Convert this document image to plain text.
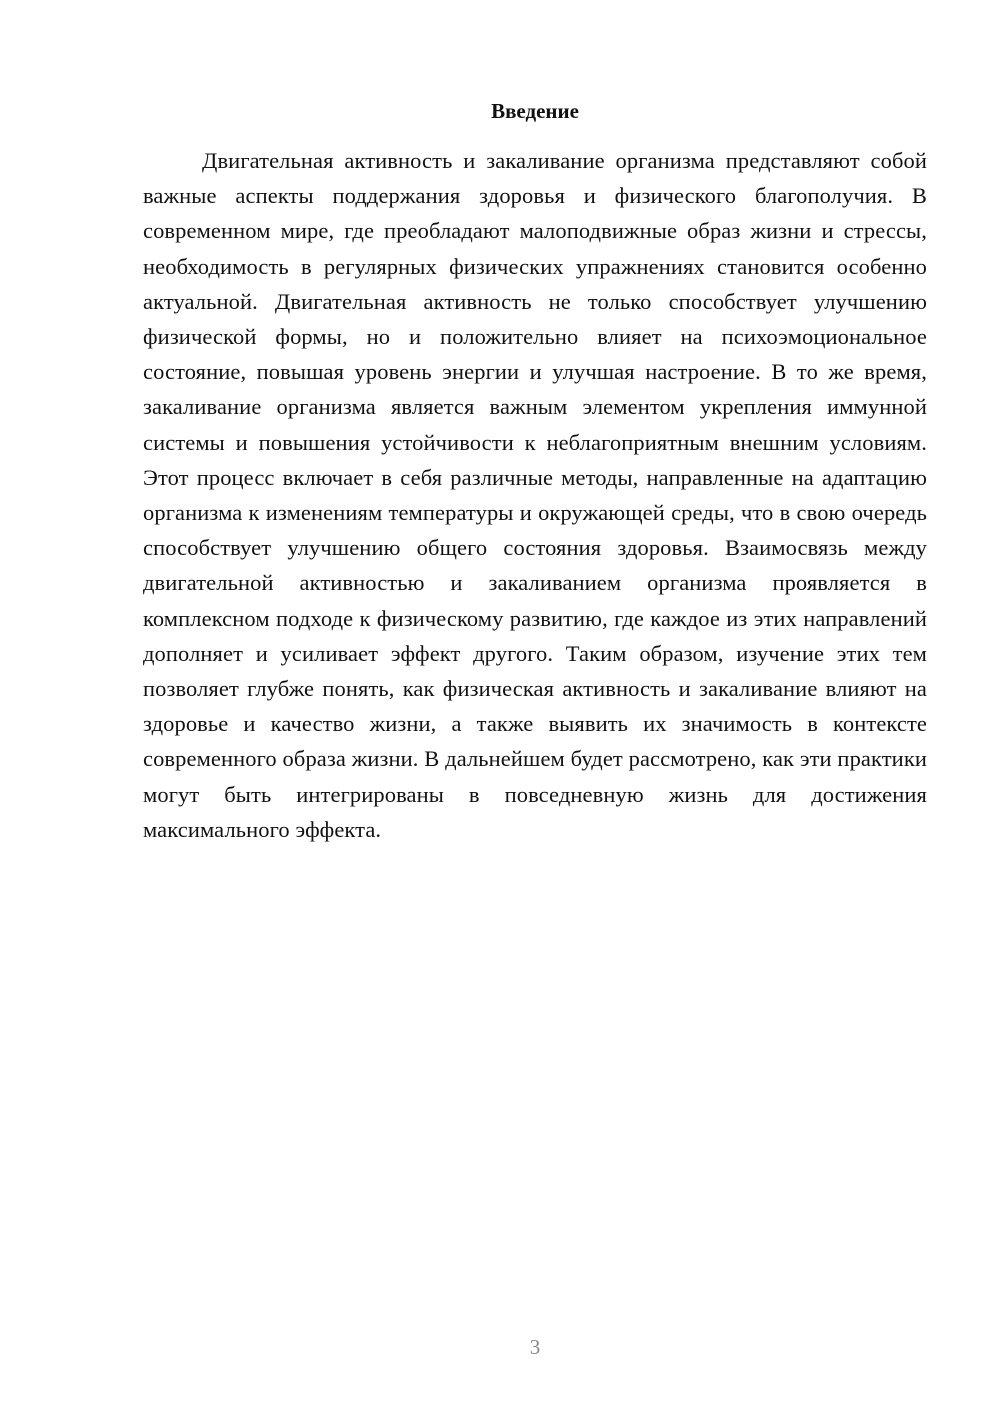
Введение

Двигательная активность и закаливание организма представляют собой важные аспекты поддержания здоровья и физического благополучия. В современном мире, где преобладают малоподвижные образ жизни и стрессы, необходимость в регулярных физических упражнениях становится особенно актуальной. Двигательная активность не только способствует улучшению физической формы, но и положительно влияет на психоэмоциональное состояние, повышая уровень энергии и улучшая настроение. В то же время, закаливание организма является важным элементом укрепления иммунной системы и повышения устойчивости к неблагоприятным внешним условиям. Этот процесс включает в себя различные методы, направленные на адаптацию организма к изменениям температуры и окружающей среды, что в свою очередь способствует улучшению общего состояния здоровья. Взаимосвязь между двигательной активностью и закаливанием организма проявляется в комплексном подходе к физическому развитию, где каждое из этих направлений дополняет и усиливает эффект другого. Таким образом, изучение этих тем позволяет глубже понять, как физическая активность и закаливание влияют на здоровье и качество жизни, а также выявить их значимость в контексте современного образа жизни. В дальнейшем будет рассмотрено, как эти практики могут быть интегрированы в повседневную жизнь для достижения максимального эффекта.

3
